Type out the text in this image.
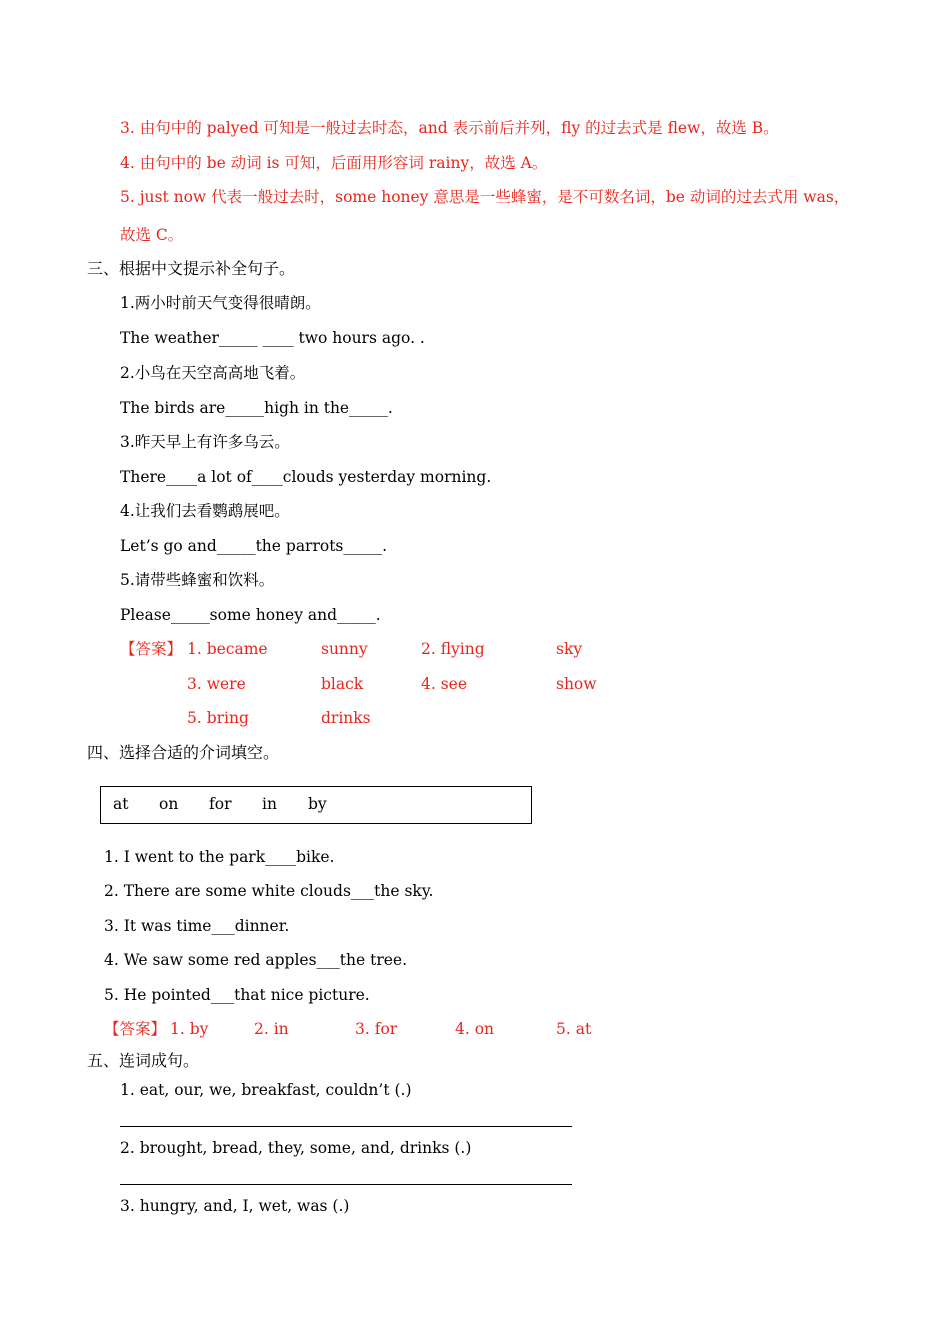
3. 由句中的 palyed 可知是一般过去时态，and 表示前后并列，fly 的过去式是 flew，故选 B。
4. 由句中的 be 动词 is 可知，后面用形容词 rainy，故选 A。
5. just now 代表一般过去时，some honey 意思是一些蜂蜜，是不可数名词，be 动词的过去式用 was，
故选 C。
三、根据中文提示补全句子。
1.两小时前天气变得很晴朗。
The weather_____ ____ two hours ago. .
2.小鸟在天空高高地飞着。
The birds are_____high in the_____.
3.昨天早上有许多乌云。
There____a lot of____clouds yesterday morning.
4.让我们去看鹦鹉展吧。
Let’s go and_____the parrots_____.
5.请带些蜂蜜和饮料。
Please_____some honey and_____.
【答案】 1. became	sunny	2. flying	sky
3. were	black	4. see	show
5. bring	drinks
四、选择合适的介词填空。
at on for in by
1. I went to the park____bike.
2. There are some white clouds___the sky.
3. It was time___dinner.
4. We saw some red apples___the tree.
5. He pointed___that nice picture.
【答案】 1. by	2. in	3. for	4. on	5. at
五、连词成句。
1. eat, our, we, breakfast, couldn’t (.)
2. brought, bread, they, some, and, drinks (.)
3. hungry, and, I, wet, was (.)
